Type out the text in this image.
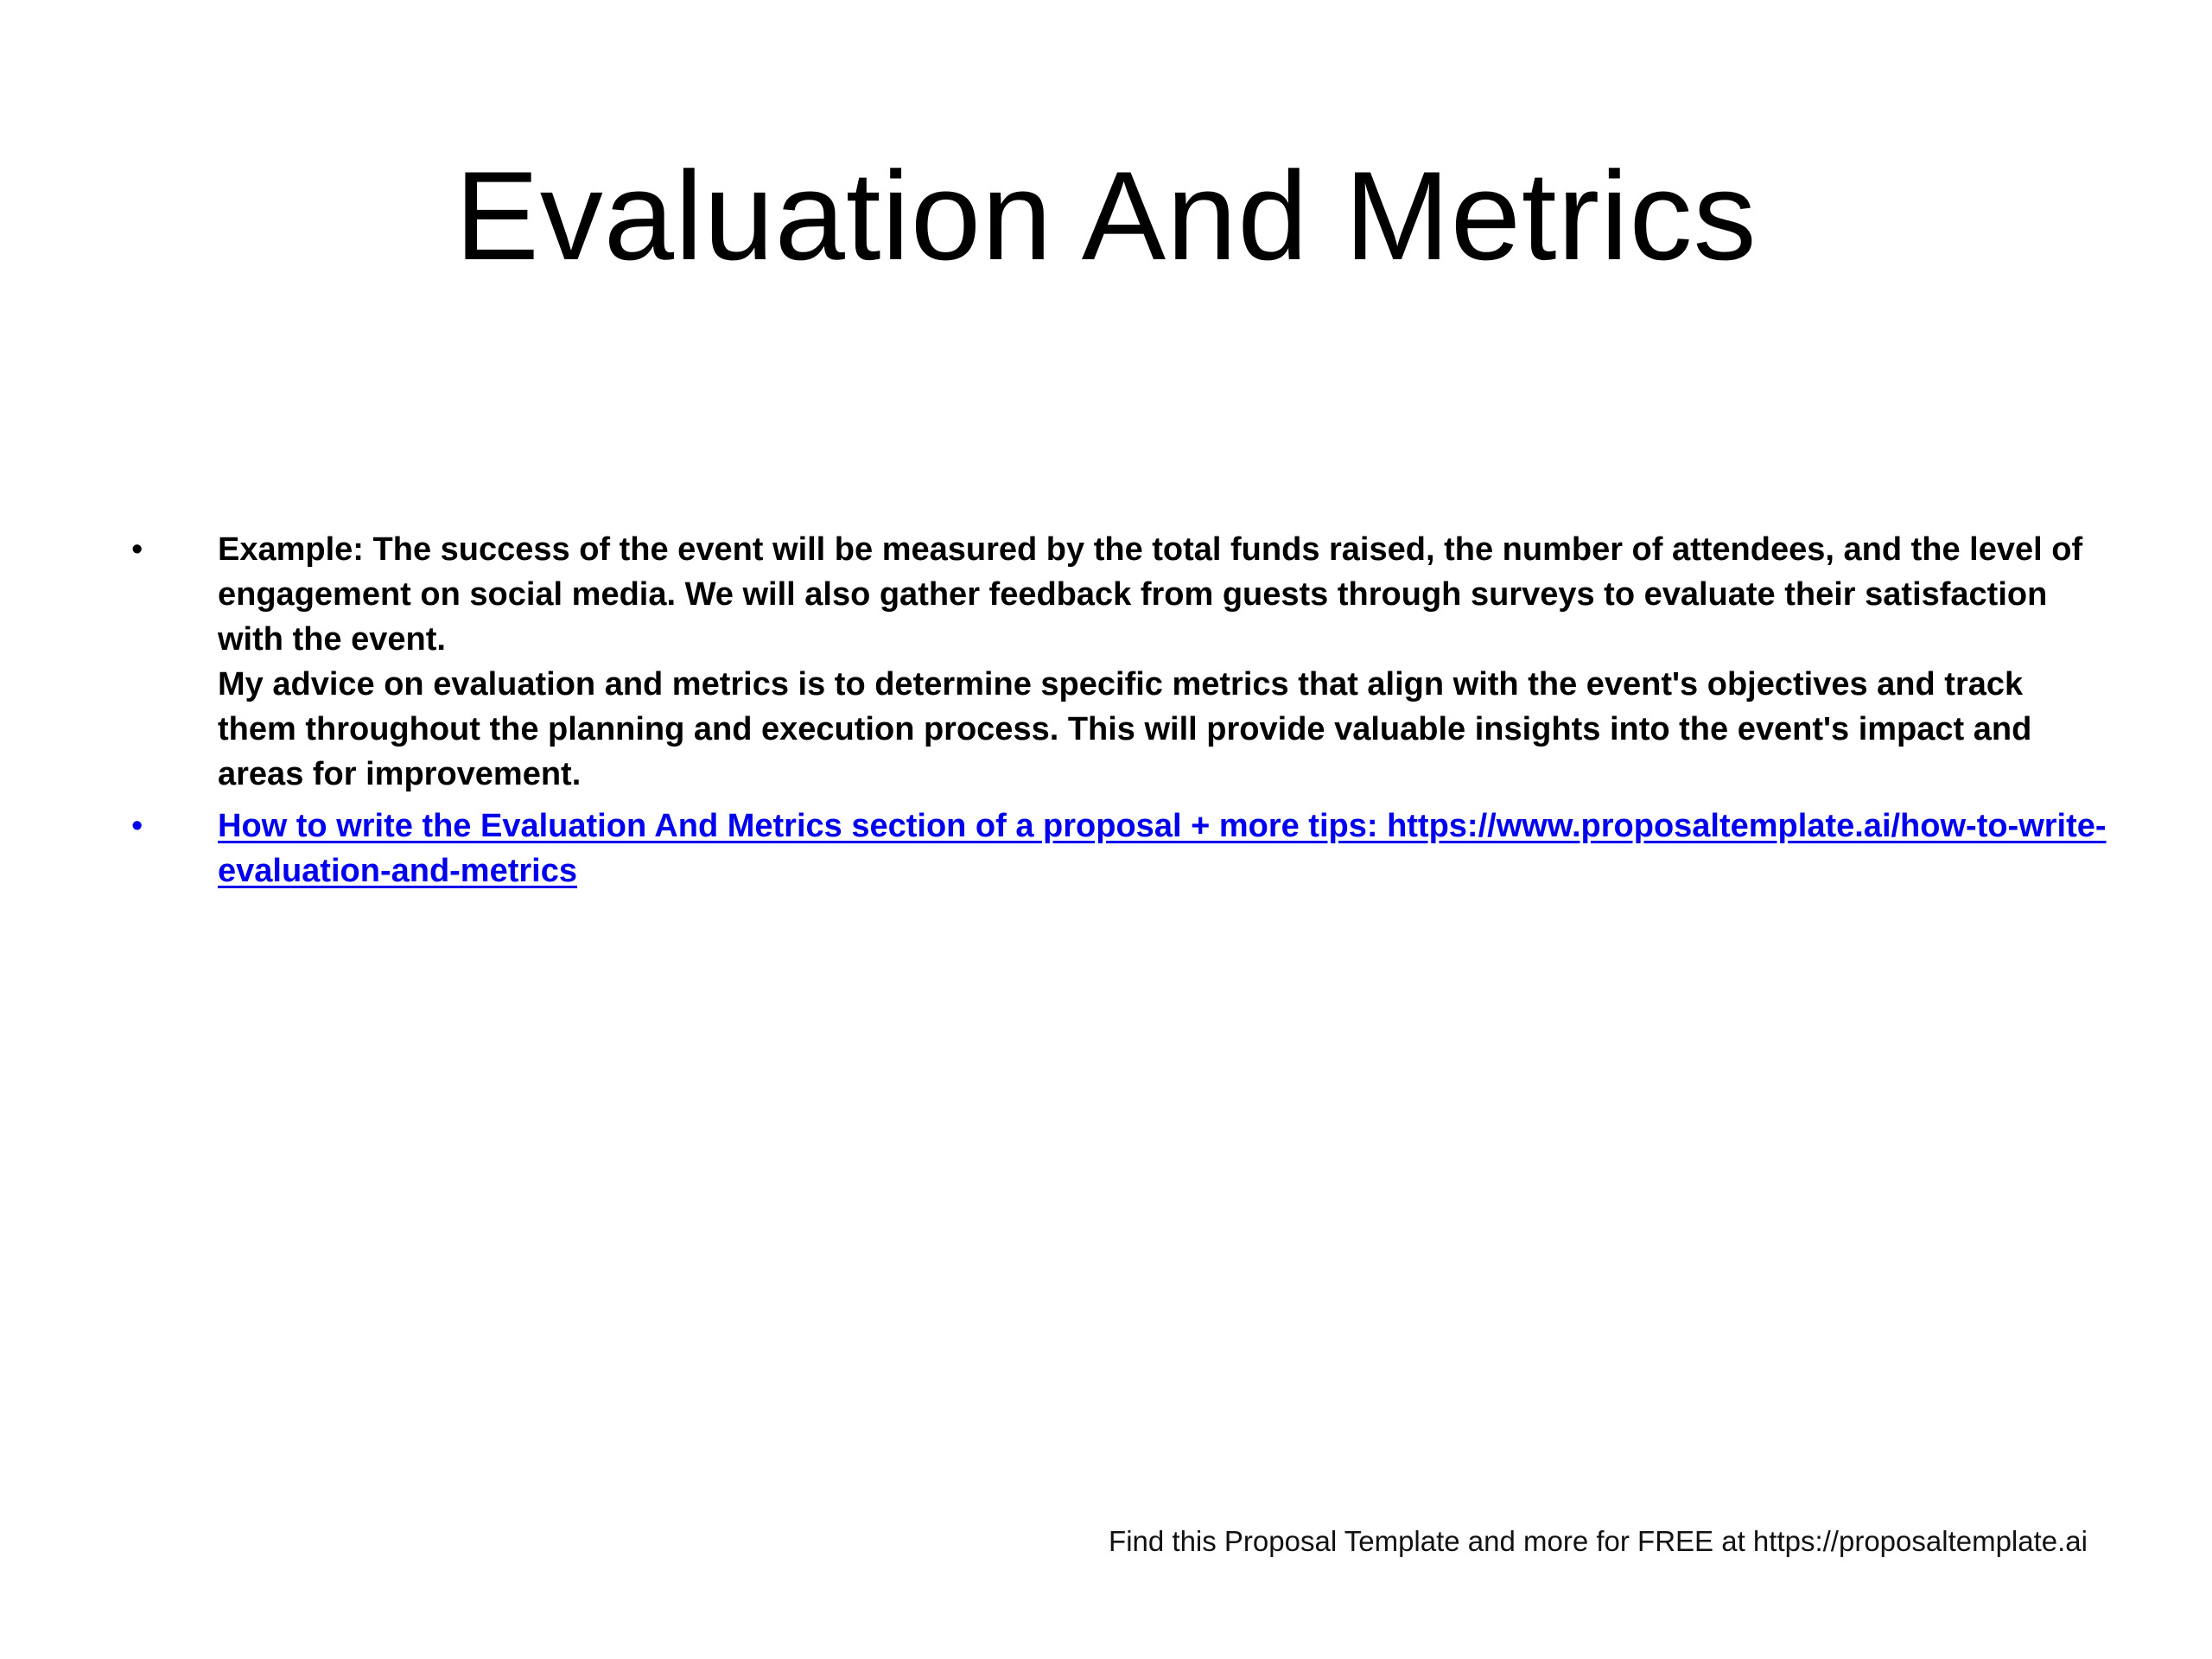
Evaluation And Metrics
•	Example: The success of the event will be measured by the total funds raised, the number of attendees, and the level of engagement on social media. We will also gather feedback from guests through surveys to evaluate their satisfaction with the event.
My advice on evaluation and metrics is to determine specific metrics that align with the event's objectives and track them throughout the planning and execution process. This will provide valuable insights into the event's impact and areas for improvement.
•	How to write the Evaluation And Metrics section of a proposal + more tips: https://www.proposaltemplate.ai/how-to-write-evaluation-and-metrics
Find this Proposal Template and more for FREE at https://proposaltemplate.ai
